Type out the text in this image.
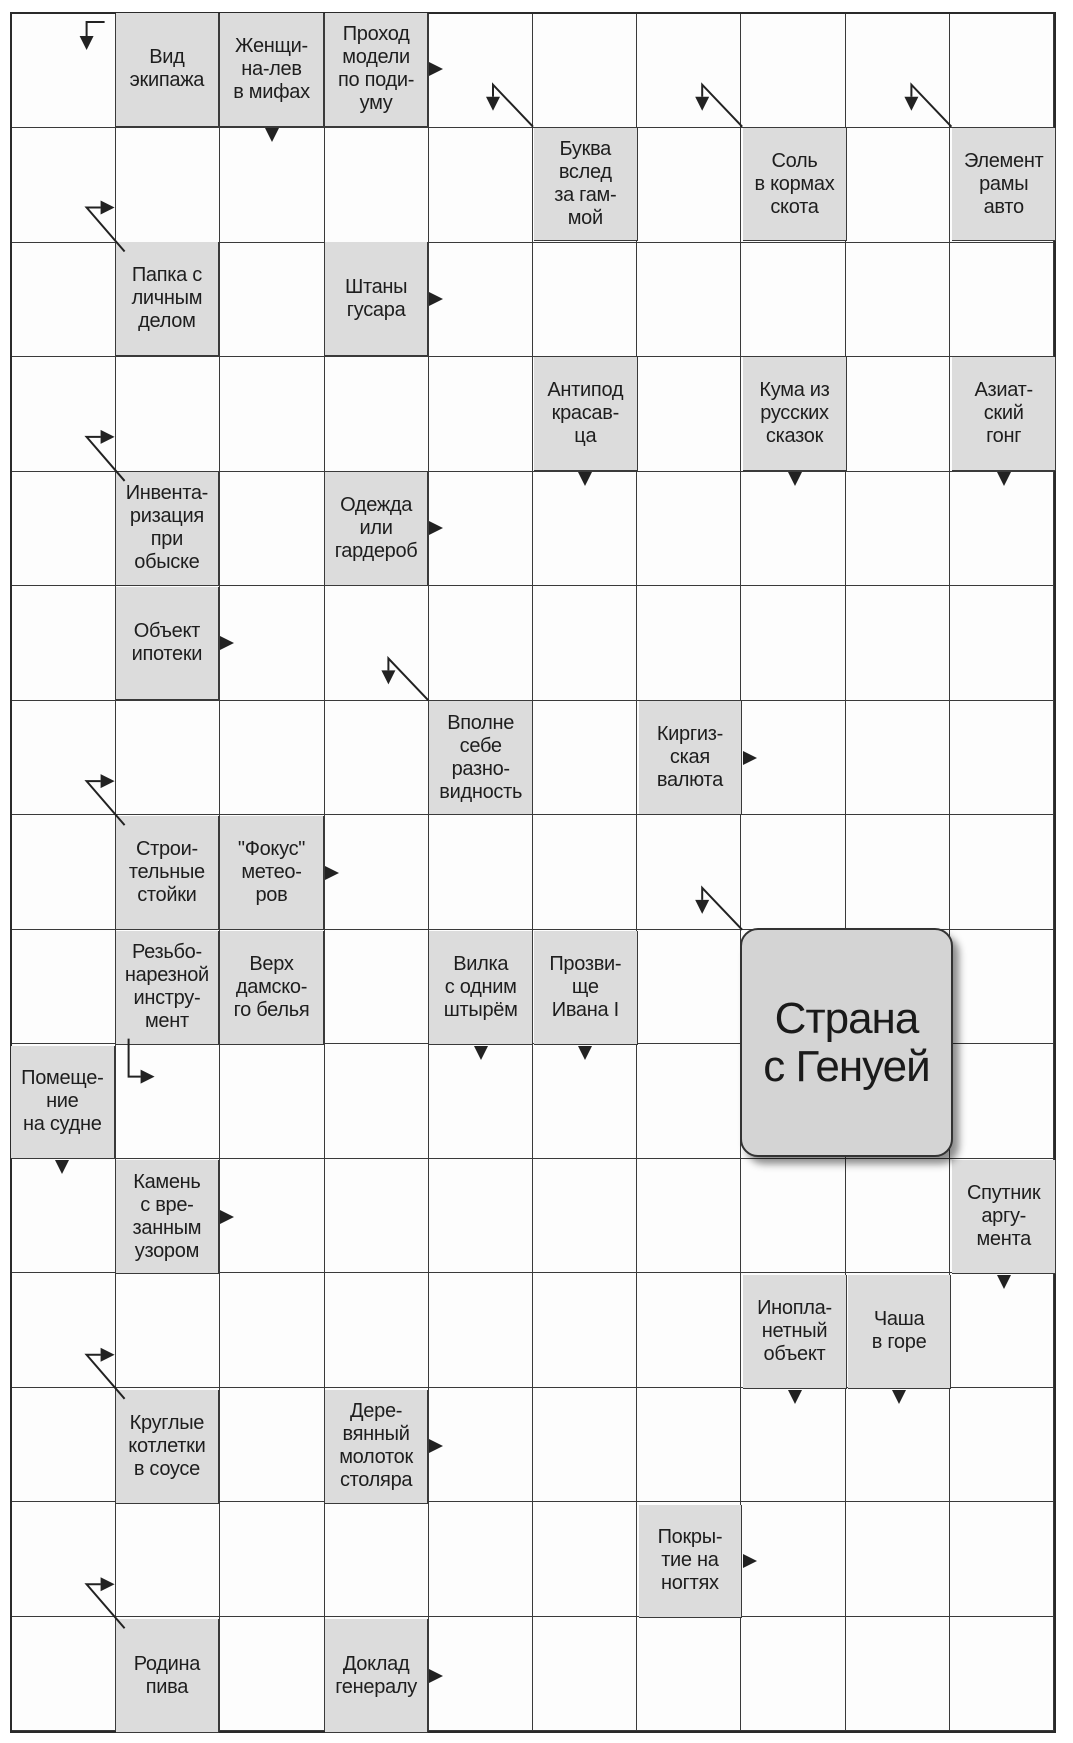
Вид
экипажа
Женщи-
на-лев
в мифах
Проход
модели
по поди-
уму
Буква
вслед
за гам-
мой
Соль
в кормах
скота
Элемент
рамы
авто
Папка с
личным
делом
Штаны
гусара
Антипод
красав-
ца
Кума из
русских
сказок
Азиат-
ский
гонг
Инвента-
ризация
при
обыске
Одежда
или
гардероб
Объект
ипотеки
Вполне
себе
разно-
видность
Киргиз-
ская
валюта
Строи-
тельные
стойки
"Фокус"
метео-
ров
Резьбо-
нарезной
инстру-
мент
Верх
дамско-
го белья
Вилка
с одним
штырём
Прозви-
ще
Ивана I
Помеще-
ние
на судне
Камень
с вре-
занным
узором
Спутник
аргу-
мента
Инопла-
нетный
объект
Чаша
в горе
Круглые
котлетки
в соусе
Дере-
вянный
молоток
столяра
Покры-
тие на
ногтях
Родина
пива
Доклад
генералу
Страна
с Генуей
